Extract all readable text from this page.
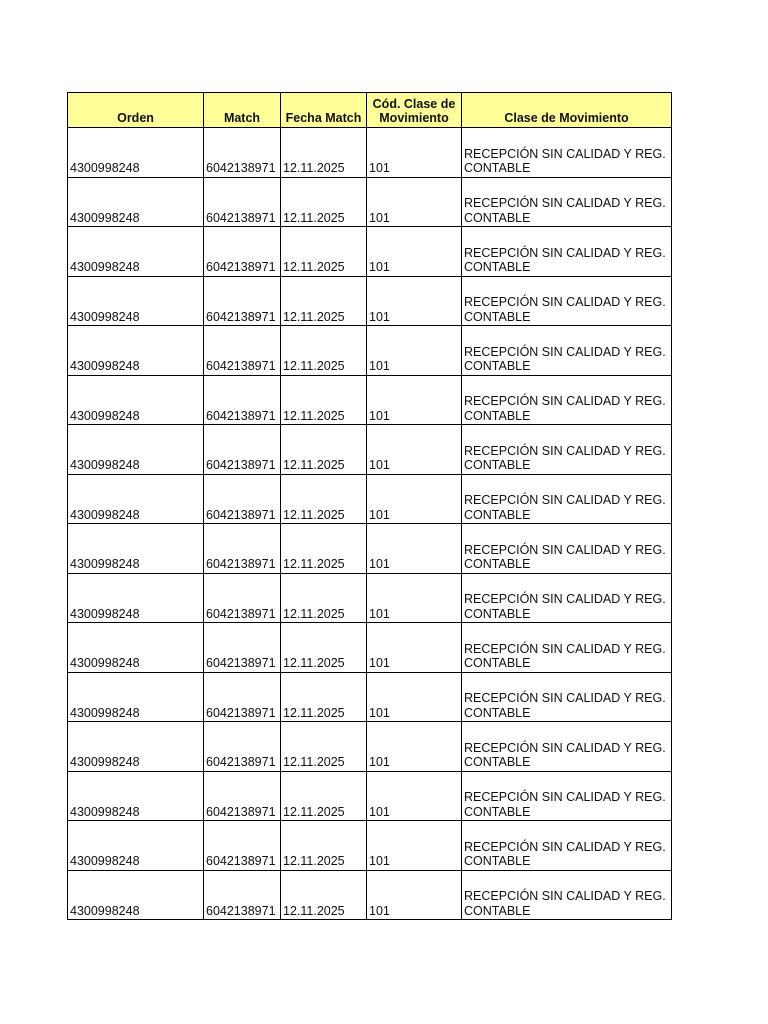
Orden	Match	Fecha Match	Cód. Clase de Movimiento	Clase de Movimiento
4300998248	6042138971	12.11.2025	101	RECEPCIÓN SIN CALIDAD Y REG. CONTABLE
4300998248	6042138971	12.11.2025	101	RECEPCIÓN SIN CALIDAD Y REG. CONTABLE
4300998248	6042138971	12.11.2025	101	RECEPCIÓN SIN CALIDAD Y REG. CONTABLE
4300998248	6042138971	12.11.2025	101	RECEPCIÓN SIN CALIDAD Y REG. CONTABLE
4300998248	6042138971	12.11.2025	101	RECEPCIÓN SIN CALIDAD Y REG. CONTABLE
4300998248	6042138971	12.11.2025	101	RECEPCIÓN SIN CALIDAD Y REG. CONTABLE
4300998248	6042138971	12.11.2025	101	RECEPCIÓN SIN CALIDAD Y REG. CONTABLE
4300998248	6042138971	12.11.2025	101	RECEPCIÓN SIN CALIDAD Y REG. CONTABLE
4300998248	6042138971	12.11.2025	101	RECEPCIÓN SIN CALIDAD Y REG. CONTABLE
4300998248	6042138971	12.11.2025	101	RECEPCIÓN SIN CALIDAD Y REG. CONTABLE
4300998248	6042138971	12.11.2025	101	RECEPCIÓN SIN CALIDAD Y REG. CONTABLE
4300998248	6042138971	12.11.2025	101	RECEPCIÓN SIN CALIDAD Y REG. CONTABLE
4300998248	6042138971	12.11.2025	101	RECEPCIÓN SIN CALIDAD Y REG. CONTABLE
4300998248	6042138971	12.11.2025	101	RECEPCIÓN SIN CALIDAD Y REG. CONTABLE
4300998248	6042138971	12.11.2025	101	RECEPCIÓN SIN CALIDAD Y REG. CONTABLE
4300998248	6042138971	12.11.2025	101	RECEPCIÓN SIN CALIDAD Y REG. CONTABLE
